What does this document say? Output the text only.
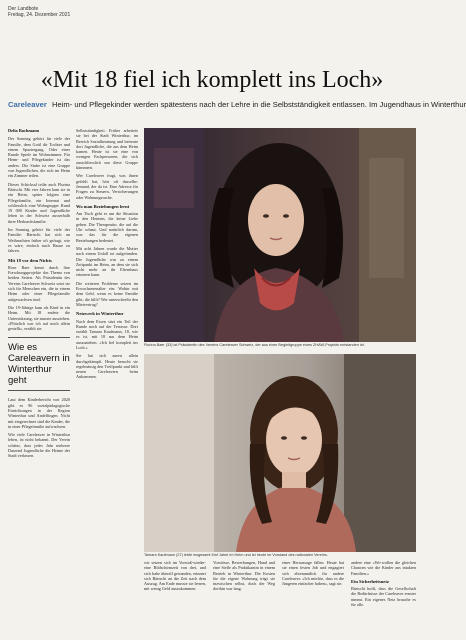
Der Landbote
Freitag, 24. Dezember 2021
«Mit 18 fiel ich komplett ins Loch»
Careleaver Heim- und Pflegekinder werden spätestens nach der Lehre in die Selbstständigkeit entlassen. Im Jugendhaus in Winterthur
Delia Bachmann
Der Sonntag gehört für viele der Familie, dem Gottl dir Tochter und einem Spaziergang. Oder einer Runde Spiele im Wohnzimmer. Für Heim- und Pflegekinder ist das anders. Die Stube ist eine Gruppe von Jugendlichen, die sich im Heim ein Zimmer teilen.
Dieses Schicksal teilte auch Flurina Bärtschi. Mit vier Jahren kam sie in ein Heim, später folgten eine Pflegefamilie, ein Internat und schliesslich eine Wohngruppe. Rund 19 000 Kinder und Jugendliche leben in der Schweiz ausserhalb ihrer Herkunftsfamilie.
Im Sonntag gehört für viele der Familie: Bärtschi hat sich an Weihnachten früher oft gefragt, wie es wäre, einfach nach Hause zu fahren.
Mit 18 vor dem Nichts
Rose Baer kennt durch ihre Forschungsprojekte das Thema von beiden Seiten. Als Präsidentin des Vereins Careleaver Schweiz setzt sie sich für Menschen ein, die in einem Heim oder einer Pflegefamilie aufgewachsen sind.
Die 19-Jährige kam als Kind in ein Heim. Mit 18 endete die Unterstützung, sie musste ausziehen. «Plötzlich war ich auf mich allein gestellt», erzählt sie.
Wie es Careleavern in Winterthur geht
Laut dem Kinderbericht von 2020 gibt es 96 sozialpädagogische Einrichtungen in der Region Winterthur und Andelfingen. Nicht mit eingerechnet sind die Kinder, die in einer Pflegefamilie aufwachsen.
Wie viele Careleaver in Winterthur leben, ist nicht bekannt. Der Verein schätzt, dass jedes Jahr mehrere Dutzend Jugendliche die Heime der Stadt verlassen.
Selbstständigkeit. Früher arbeitete sie bei der Stadt Winterthur, im Bereich Sozialberatung und betreute dort Jugendliche, die aus dem Heim kamen. Heute ist sie eine von wenigen Fachpersonen, die sich ausschliesslich um diese Gruppe kümmern.
Wer Careleaver fragt, was ihnen gefehlt hat, hört oft dasselbe: Jemand, der da ist. Eine Adresse für Fragen zu Steuern, Versicherungen oder Wohnungssuche.
Wo man Beziehungen lernt
Am Tisch geht es um die Situation in den Heimen, die keine Liebe geben. Die Therapeutin, die auf die Uhr schaut. Und natürlich darum, was das für die eigenen Beziehungen bedeutet.
Mit acht Jahren wurde die Mutter nach einem Unfall tot aufgefunden. Die Jugendliche war zu einem Zeitpunkt im Heim, an dem sie sich nicht mehr an ihr Elternhaus erinnern kann.
Die weiteren Probleme setzen im Erwachsenenalter ein: Wohin mit dem Geld, wenn es keine Familie gibt, die hilft? Wer unterschreibt den Mietvertrag?
Netzwerk in Winterthur
Nach dem Essen sitzt ein Teil der Runde noch auf der Terrasse. Dort erzählt Tamara Kaufmann, 18, wie es ist, mit 18 aus dem Heim auszuziehen. «Ich fiel komplett ins Loch.»
Sie hat sich zuerst allein durchgekämpft. Heute besucht sie regelmässig den Treffpunkt und hilft neuen Careleavern beim Ankommen.
Flurina Baer (33) ist Präsidentin des Vereins Careleaver Schweiz, der aus einer Begleitgruppe eines ZHAW-Projekts entstanden ist.
Tamara Kaufmann (27) lebte insgesamt fünf Jahre im Heim und ist heute im Vorstand des nationalen Vereins.
wir setzen sich im Vorstoß-wieder-eine Bildschirmzeit von drei, und sich habe überall gestanden, erinnert sich Bärtschi an die Zeit nach dem Auszug. Am Ende musste sie lernen, mit wenig Geld auszukommen.
Vorstösse, Bewerbungen, Hand und eine Stelle als Praktikantin in einem Betrieb in Winterthur. Die Kosten für die eigene Wohnung trägt sie inzwischen selbst, doch der Weg dorthin war lang.
einer Heraussage fällen. Heute hat sie einen festen Job und engagiert sich ehrenamtlich für andere Careleaver. «Ich möchte, dass es die Jüngeren einfacher haben», sagt sie.
andere eine «Wo-wollen die gleichen Chancen wie die Kinder aus intakten Familien.»
Ein Sicherheitsnetz
Bärtschi hofft, dass die Gesellschaft die Bedürfnisse der Careleaver ernster nimmt. Ein eigenes Netz brauche es für alle.
